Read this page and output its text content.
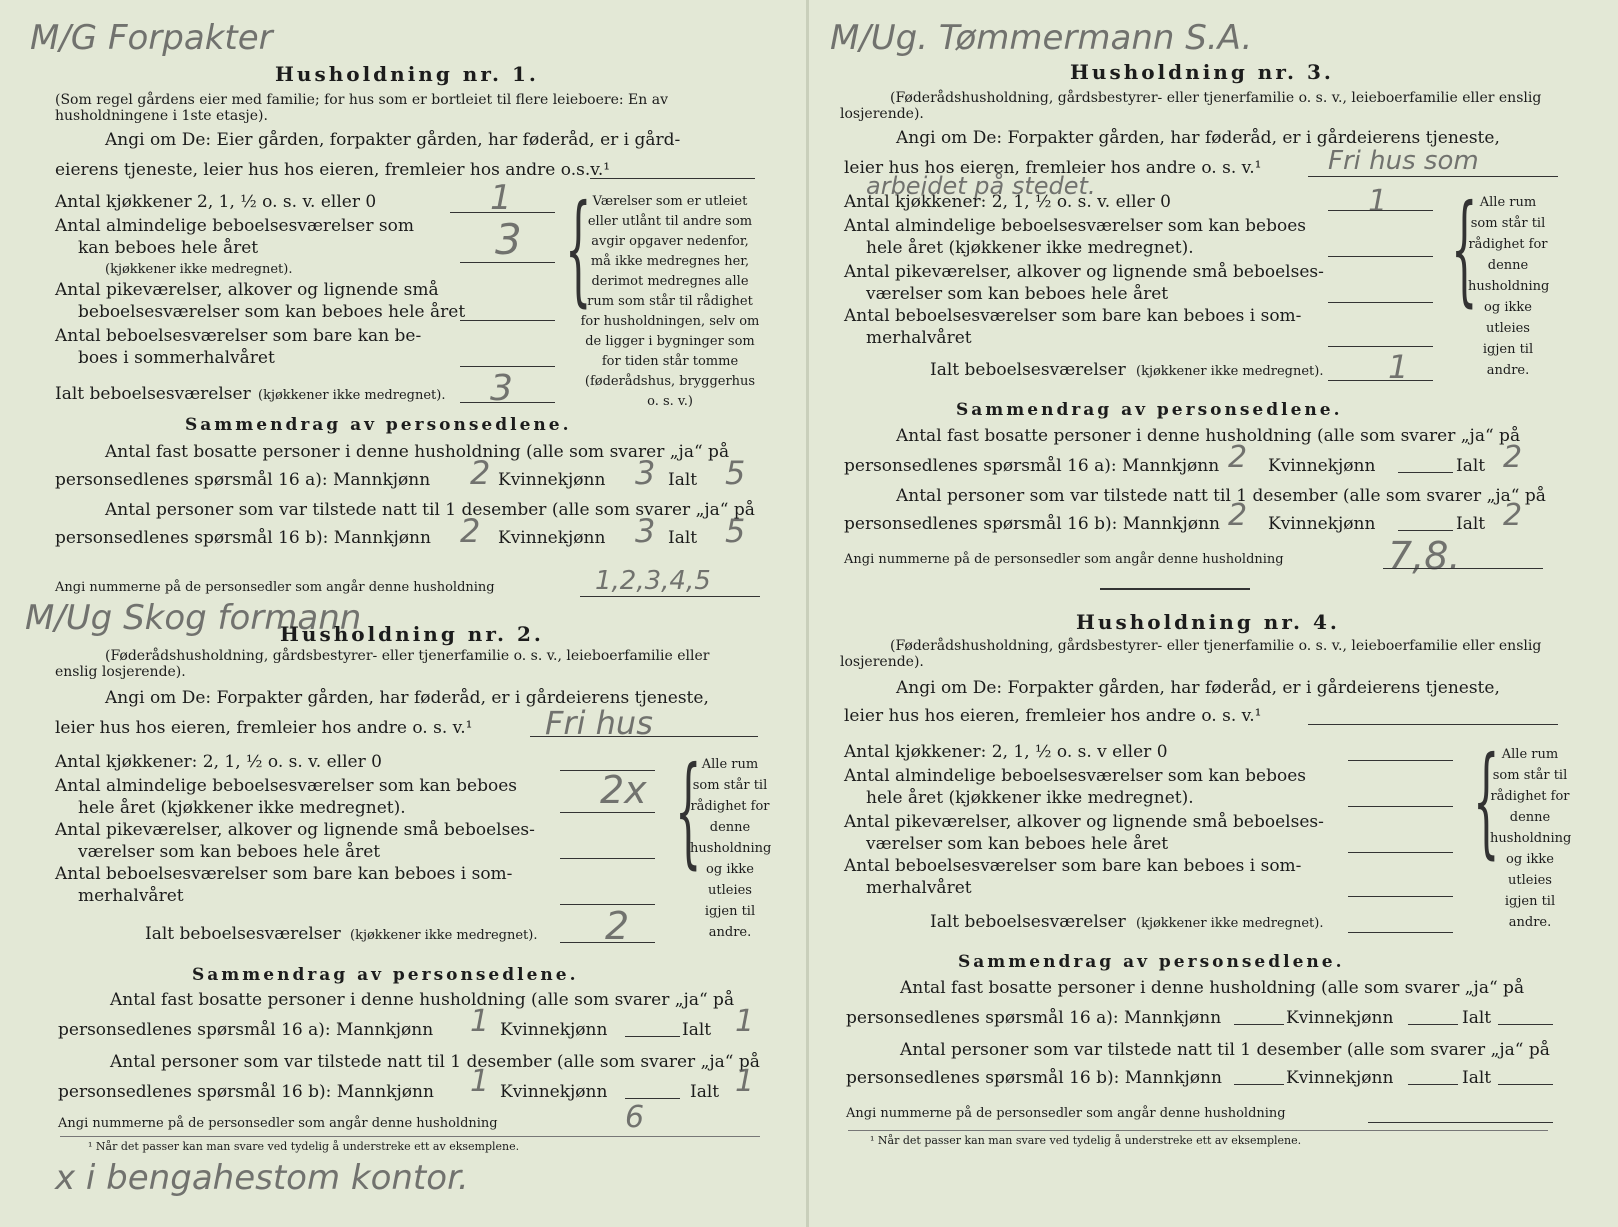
M/G Forpakter
Husholdning nr. 1.
(Som regel gårdens eier med familie; for hus som er bortleiet til flere leieboere: En av husholdningene i 1ste etasje).
Angi om De: Eier gården, forpakter gården, har føderåd, er i gård-
eierens tjeneste, leier hus hos eieren, fremleier hos andre o.s.v.¹
Antal kjøkkener 2, 1, ½ o. s. v. eller 0	1
Antal almindelige beboelsesværelser som
kan beboes hele året
(kjøkkener ikke medregnet).
3
Antal pikeværelser, alkover og lignende små
beboelsesværelser som kan beboes hele året
Antal beboelsesværelser som bare kan be-
boes i sommerhalvåret
Ialt beboelsesværelser (kjøkkener ikke medregnet). 3
{ Værelser som er utleiet eller utlånt til andre som avgir opgaver nedenfor, må ikke medregnes her, derimot medregnes alle rum som står til rådighet for husholdningen, selv om de ligger i bygninger som for tiden står tomme (føderådshus, bryggerhus o. s. v.)
Sammendrag av personsedlene.
Antal fast bosatte personer i denne husholdning (alle som svarer „ja“ på
personsedlenes spørsmål 16 a): Mannkjønn 2 Kvinnekjønn 3 Ialt 5
Antal personer som var tilstede natt til 1 desember (alle som svarer „ja“ på
personsedlenes spørsmål 16 b): Mannkjønn 2 Kvinnekjønn 3 Ialt 5
Angi nummerne på de personsedler som angår denne husholdning	1,2,3,4,5
M/Ug Skog formann
Husholdning nr. 2.
(Føderådshusholdning, gårdsbestyrer- eller tjenerfamilie o. s. v., leieboerfamilie eller enslig losjerende).
Angi om De: Forpakter gården, har føderåd, er i gårdeierens tjeneste,
leier hus hos eieren, fremleier hos andre o. s. v.¹ Fri hus
Antal kjøkkener: 2, 1, ½ o. s. v. eller 0
Antal almindelige beboelsesværelser som kan beboes
hele året (kjøkkener ikke medregnet).	2x
Antal pikeværelser, alkover og lignende små beboelses-
værelser som kan beboes hele året
Antal beboelsesværelser som bare kan beboes i som-
merhalvåret
Ialt beboelsesværelser (kjøkkener ikke medregnet). 2
{ Alle rum som står til rådighet for denne husholdning og ikke utleies igjen til andre.
Sammendrag av personsedlene.
Antal fast bosatte personer i denne husholdning (alle som svarer „ja“ på
personsedlenes spørsmål 16 a): Mannkjønn 1 Kvinnekjønn	Ialt 1
Antal personer som var tilstede natt til 1 desember (alle som svarer „ja“ på
personsedlenes spørsmål 16 b): Mannkjønn 1 Kvinnekjønn	Ialt 1
Angi nummerne på de personsedler som angår denne husholdning	6
¹ Når det passer kan man svare ved tydelig å understreke ett av eksemplene.
x i bengahestom kontor.
M/Ug. Tømmermann S.A.
Husholdning nr. 3.
(Føderådshusholdning, gårdsbestyrer- eller tjenerfamilie o. s. v., leieboerfamilie eller enslig losjerende).
Angi om De: Forpakter gården, har føderåd, er i gårdeierens tjeneste,
leier hus hos eieren, fremleier hos andre o. s. v.¹	Fri hus som
arbeidet på stedet.
Antal kjøkkener: 2, 1, ½ o. s. v. eller 0	1
Antal almindelige beboelsesværelser som kan beboes
hele året (kjøkkener ikke medregnet).
Antal pikeværelser, alkover og lignende små beboelses-
værelser som kan beboes hele året
Antal beboelsesværelser som bare kan beboes i som-
merhalvåret
Ialt beboelsesværelser (kjøkkener ikke medregnet). 1
{ Alle rum som står til rådighet for denne husholdning og ikke utleies igjen til andre.
Sammendrag av personsedlene.
Antal fast bosatte personer i denne husholdning (alle som svarer „ja“ på
personsedlenes spørsmål 16 a): Mannkjønn 2 Kvinnekjønn	Ialt 2
Antal personer som var tilstede natt til 1 desember (alle som svarer „ja“ på
personsedlenes spørsmål 16 b): Mannkjønn 2 Kvinnekjønn	Ialt 2
Angi nummerne på de personsedler som angår denne husholdning	7,8.
Husholdning nr. 4.
(Føderådshusholdning, gårdsbestyrer- eller tjenerfamilie o. s. v., leieboerfamilie eller enslig losjerende).
Angi om De: Forpakter gården, har føderåd, er i gårdeierens tjeneste,
leier hus hos eieren, fremleier hos andre o. s. v.¹
Antal kjøkkener: 2, 1, ½ o. s. v eller 0
Antal almindelige beboelsesværelser som kan beboes
hele året (kjøkkener ikke medregnet).
Antal pikeværelser, alkover og lignende små beboelses-
værelser som kan beboes hele året
Antal beboelsesværelser som bare kan beboes i som-
merhalvåret
Ialt beboelsesværelser (kjøkkener ikke medregnet).
{ Alle rum som står til rådighet for denne husholdning og ikke utleies igjen til andre.
Sammendrag av personsedlene.
Antal fast bosatte personer i denne husholdning (alle som svarer „ja“ på
personsedlenes spørsmål 16 a): Mannkjønn	Kvinnekjønn	Ialt
Antal personer som var tilstede natt til 1 desember (alle som svarer „ja“ på
personsedlenes spørsmål 16 b): Mannkjønn	Kvinnekjønn	Ialt
Angi nummerne på de personsedler som angår denne husholdning
¹ Når det passer kan man svare ved tydelig å understreke ett av eksemplene.
